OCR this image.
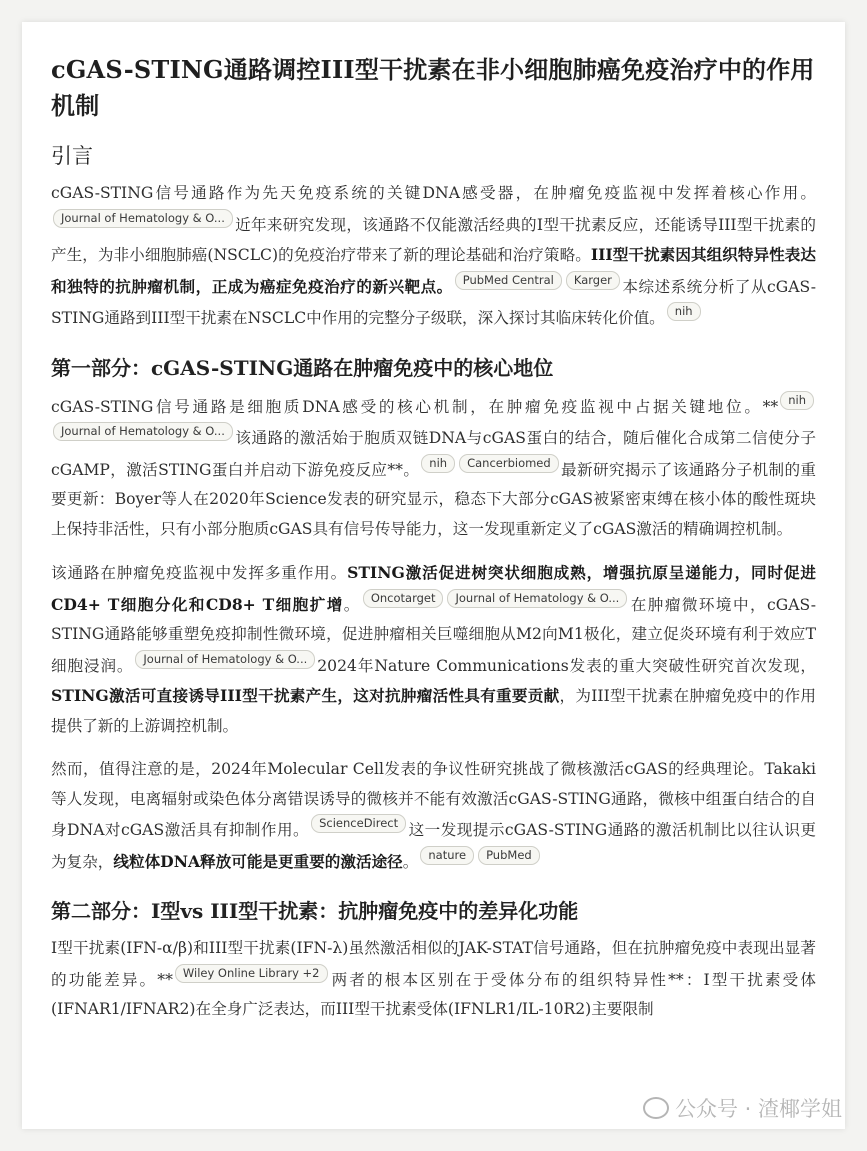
cGAS-STING通路调控III型干扰素在非小细胞肺癌免疫治疗中的作用机制
引言

cGAS-STING信号通路作为先天免疫系统的关键DNA感受器，在肿瘤免疫监视中发挥着核心作用。Journal of Hematology & O... 近年来研究发现，该通路不仅能激活经典的I型干扰素反应，还能诱导III型干扰素的产生，为非小细胞肺癌(NSCLC)的免疫治疗带来了新的理论基础和治疗策略。III型干扰素因其组织特异性表达和独特的抗肿瘤机制，正成为癌症免疫治疗的新兴靶点。 PubMed Central Karger 本综述系统分析了从cGAS-STING通路到III型干扰素在NSCLC中作用的完整分子级联，深入探讨其临床转化价值。 nih

第一部分：cGAS-STING通路在肿瘤免疫中的核心地位

cGAS-STING信号通路是细胞质DNA感受的核心机制，在肿瘤免疫监视中占据关键地位。** nihJournal of Hematology & O... 该通路的激活始于胞质双链DNA与cGAS蛋白的结合，随后催化合成第二信使分子cGAMP，激活STING蛋白并启动下游免疫反应**。 nih Cancerbiomed 最新研究揭示了该通路分子机制的重要更新：Boyer等人在2020年Science发表的研究显示，稳态下大部分cGAS被紧密束缚在核小体的酸性斑块上保持非活性，只有小部分胞质cGAS具有信号传导能力，这一发现重新定义了cGAS激活的精确调控机制。

该通路在肿瘤免疫监视中发挥多重作用。STING激活促进树突状细胞成熟，增强抗原呈递能力，同时促进CD4+ T细胞分化和CD8+ T细胞扩增。 Oncotarget Journal of Hematology & O... 在肿瘤微环境中，cGAS-STING通路能够重塑免疫抑制性微环境，促进肿瘤相关巨噬细胞从M2向M1极化，建立促炎环境有利于效应T细胞浸润。 Journal of Hematology & O... 2024年Nature Communications发表的重大突破性研究首次发现，STING激活可直接诱导III型干扰素产生，这对抗肿瘤活性具有重要贡献，为III型干扰素在肿瘤免疫中的作用提供了新的上游调控机制。

然而，值得注意的是，2024年Molecular Cell发表的争议性研究挑战了微核激活cGAS的经典理论。Takaki等人发现，电离辐射或染色体分离错误诱导的微核并不能有效激活cGAS-STING通路，微核中组蛋白结合的自身DNA对cGAS激活具有抑制作用。 ScienceDirect 这一发现提示cGAS-STING通路的激活机制比以往认识更为复杂，线粒体DNA释放可能是更重要的激活途径。 nature PubMed

第二部分：I型vs III型干扰素：抗肿瘤免疫中的差异化功能

I型干扰素(IFN-α/β)和III型干扰素(IFN-λ)虽然激活相似的JAK-STAT信号通路，但在抗肿瘤免疫中表现出显著的功能差异。** Wiley Online Library +2 两者的根本区别在于受体分布的组织特异性**：I型干扰素受体(IFNAR1/IFNAR2)在全身广泛表达，而III型干扰素受体(IFNLR1/IL-10R2)主要限制

公众号 · 渣椰学姐
